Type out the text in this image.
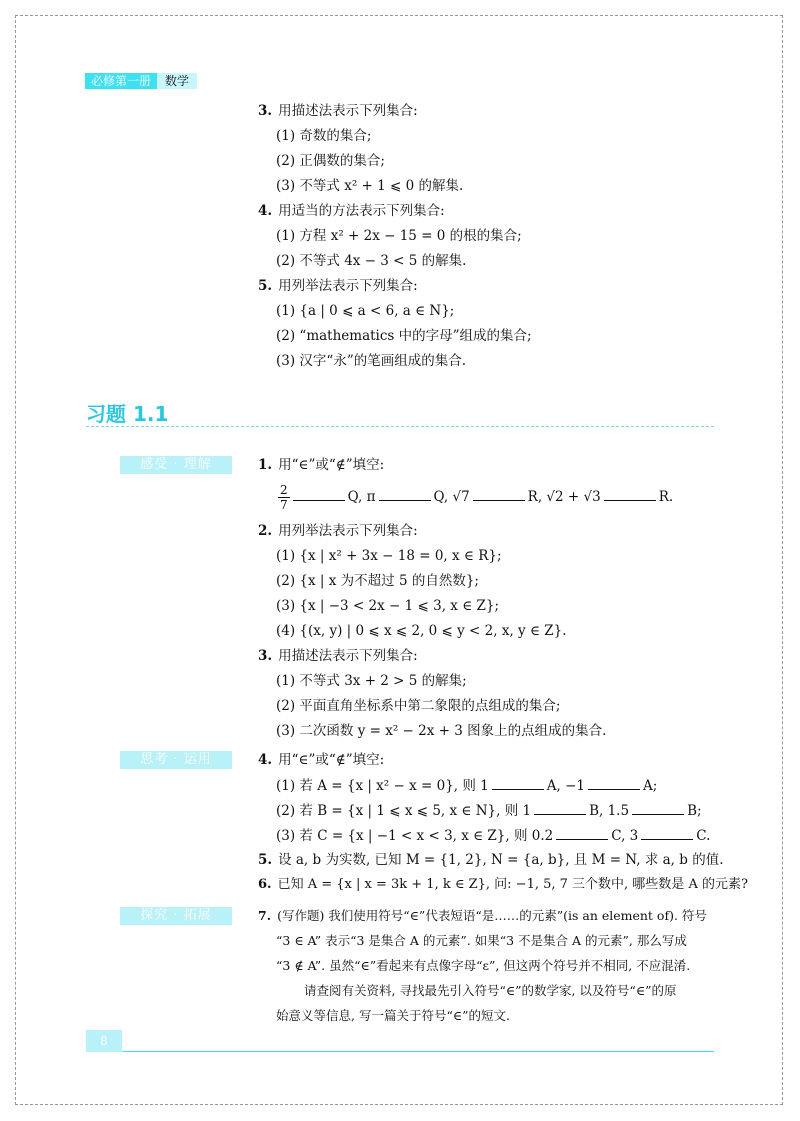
必修第一册	数学
3. 用描述法表示下列集合:
(1) 奇数的集合;
(2) 正偶数的集合;
(3) 不等式 x² + 1 ⩽ 0 的解集.
4. 用适当的方法表示下列集合:
(1) 方程 x² + 2x − 15 = 0 的根的集合;
(2) 不等式 4x − 3 < 5 的解集.
5. 用列举法表示下列集合:
(1) {a | 0 ⩽ a < 6, a ∈ N};
(2) “mathematics 中的字母”组成的集合;
(3) 汉字“永”的笔画组成的集合.
习题 1.1
感受 · 理解	1. 用“∈”或“∉”填空:
$\frac{2}{7}$	Q, π	Q, √7	R, √2 + √3	R.
2. 用列举法表示下列集合:
(1) {x | x² + 3x − 18 = 0, x ∈ R};
(2) {x | x 为不超过 5 的自然数};
(3) {x | −3 < 2x − 1 ⩽ 3, x ∈ Z};
(4) {(x, y) | 0 ⩽ x ⩽ 2, 0 ⩽ y < 2, x, y ∈ Z}.
3. 用描述法表示下列集合:
(1) 不等式 3x + 2 > 5 的解集;
(2) 平面直角坐标系中第二象限的点组成的集合;
(3) 二次函数 y = x² − 2x + 3 图象上的点组成的集合.
思考 · 运用	4. 用“∈”或“∉”填空:
(1) 若 A = {x | x² − x = 0}, 则 1	A, −1	A;
(2) 若 B = {x | 1 ⩽ x ⩽ 5, x ∈ N}, 则 1	B, 1.5	B;
(3) 若 C = {x | −1 < x < 3, x ∈ Z}, 则 0.2	C, 3	C.
5. 设 a, b 为实数, 已知 M = {1, 2}, N = {a, b}, 且 M = N, 求 a, b 的值.
6. 已知 A = {x | x = 3k + 1, k ∈ Z}, 问: −1, 5, 7 三个数中, 哪些数是 A 的元素?
探究 · 拓展	7. (写作题) 我们使用符号“∈”代表短语“是……的元素”(is an element of). 符号
“3 ∈ A” 表示“3 是集合 A 的元素”. 如果“3 不是集合 A 的元素”, 那么写成
“3 ∉ A”. 虽然“∈”看起来有点像字母“ε”, 但这两个符号并不相同, 不应混淆.
请查阅有关资料, 寻找最先引入符号“∈”的数学家, 以及符号“∈”的原
始意义等信息, 写一篇关于符号“∈”的短文.
8
